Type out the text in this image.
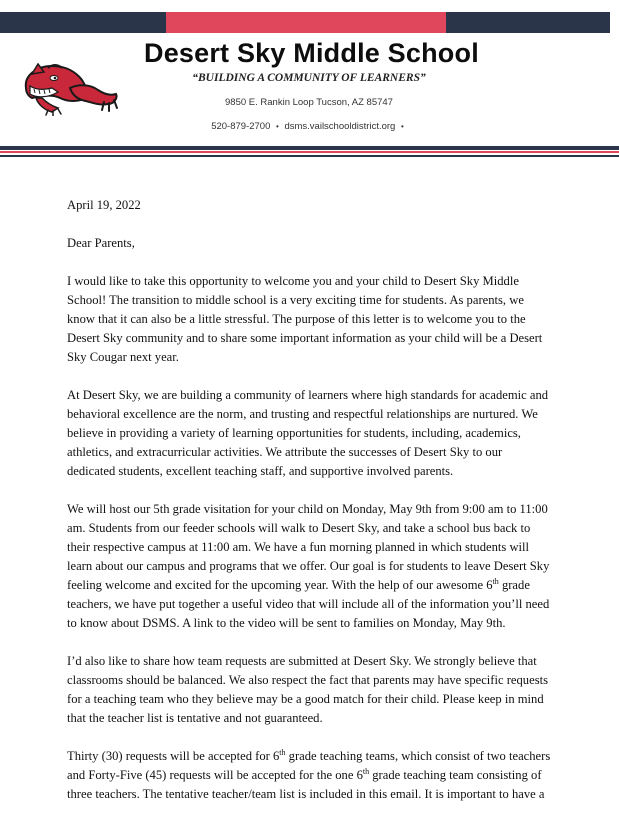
Desert Sky Middle School
“BUILDING A COMMUNITY OF LEARNERS”
9850 E. Rankin Loop Tucson, AZ 85747
520-879-2700 • dsms.vailschooldistrict.org •

April 19, 2022

Dear Parents,

I would like to take this opportunity to welcome you and your child to Desert Sky Middle School! The transition to middle school is a very exciting time for students. As parents, we know that it can also be a little stressful. The purpose of this letter is to welcome you to the Desert Sky community and to share some important information as your child will be a Desert Sky Cougar next year.

At Desert Sky, we are building a community of learners where high standards for academic and behavioral excellence are the norm, and trusting and respectful relationships are nurtured. We believe in providing a variety of learning opportunities for students, including, academics, athletics, and extracurricular activities. We attribute the successes of Desert Sky to our dedicated students, excellent teaching staff, and supportive involved parents.

We will host our 5th grade visitation for your child on Monday, May 9th from 9:00 am to 11:00 am. Students from our feeder schools will walk to Desert Sky, and take a school bus back to their respective campus at 11:00 am. We have a fun morning planned in which students will learn about our campus and programs that we offer. Our goal is for students to leave Desert Sky feeling welcome and excited for the upcoming year. With the help of our awesome 6th grade teachers, we have put together a useful video that will include all of the information you’ll need to know about DSMS. A link to the video will be sent to families on Monday, May 9th.

I’d also like to share how team requests are submitted at Desert Sky. We strongly believe that classrooms should be balanced. We also respect the fact that parents may have specific requests for a teaching team who they believe may be a good match for their child. Please keep in mind that the teacher list is tentative and not guaranteed.

Thirty (30) requests will be accepted for 6th grade teaching teams, which consist of two teachers and Forty-Five (45) requests will be accepted for the one 6th grade teaching team consisting of three teachers. The tentative teacher/team list is included in this email. It is important to have a
